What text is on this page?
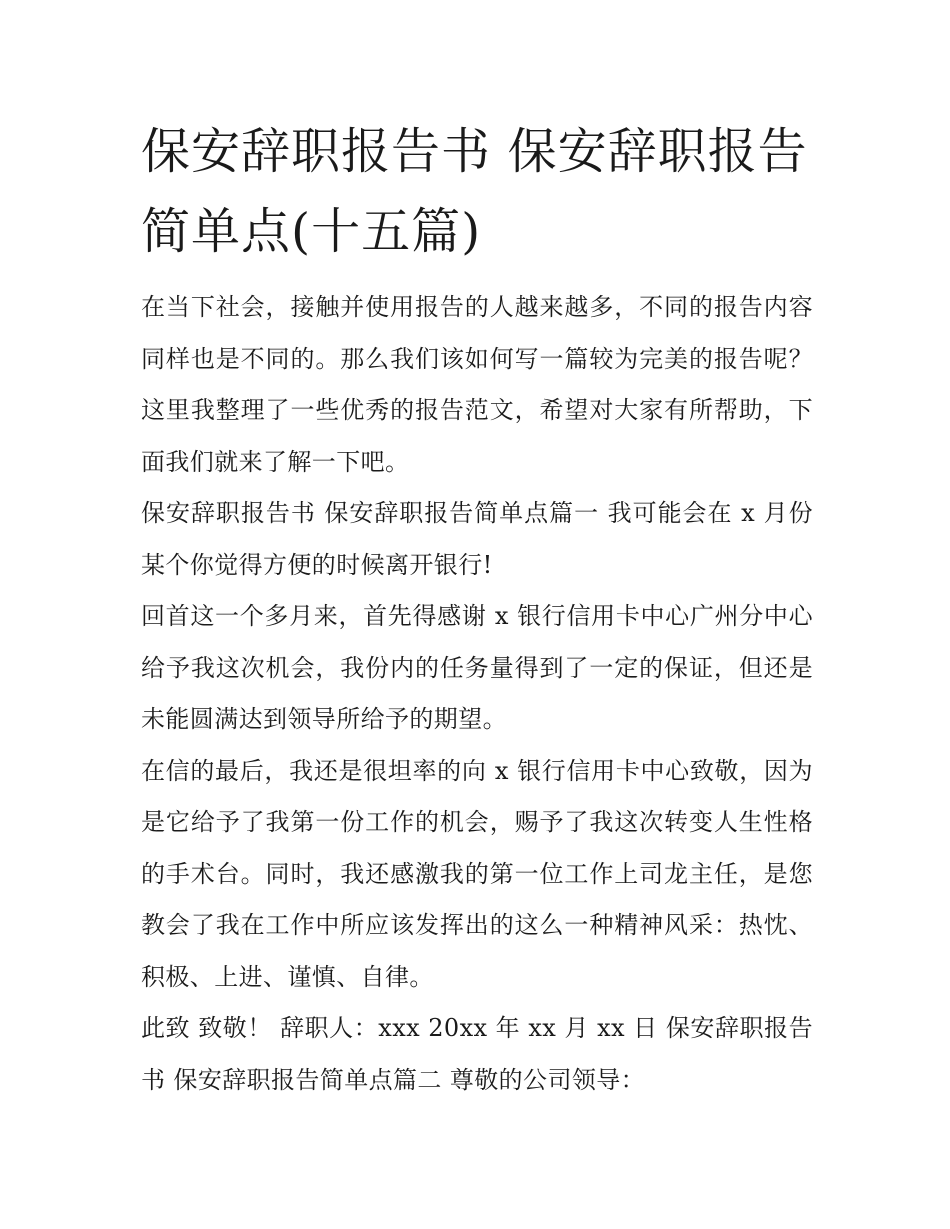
保安辞职报告书 保安辞职报告简单点(十五篇)

在当下社会，接触并使用报告的人越来越多，不同的报告内容同样也是不同的。那么我们该如何写一篇较为完美的报告呢？这里我整理了一些优秀的报告范文，希望对大家有所帮助，下面我们就来了解一下吧。

保安辞职报告书 保安辞职报告简单点篇一 我可能会在 x 月份某个你觉得方便的时候离开银行!

回首这一个多月来，首先得感谢 x 银行信用卡中心广州分中心给予我这次机会，我份内的任务量得到了一定的保证，但还是未能圆满达到领导所给予的期望。

在信的最后，我还是很坦率的向 x 银行信用卡中心致敬，因为是它给予了我第一份工作的机会，赐予了我这次转变人生性格的手术台。同时，我还感激我的第一位工作上司龙主任，是您教会了我在工作中所应该发挥出的这么一种精神风采：热忱、积极、上进、谨慎、自律。

此致 致敬！ 辞职人：xxx 20xx 年 xx 月 xx 日 保安辞职报告书 保安辞职报告简单点篇二 尊敬的公司领导：
